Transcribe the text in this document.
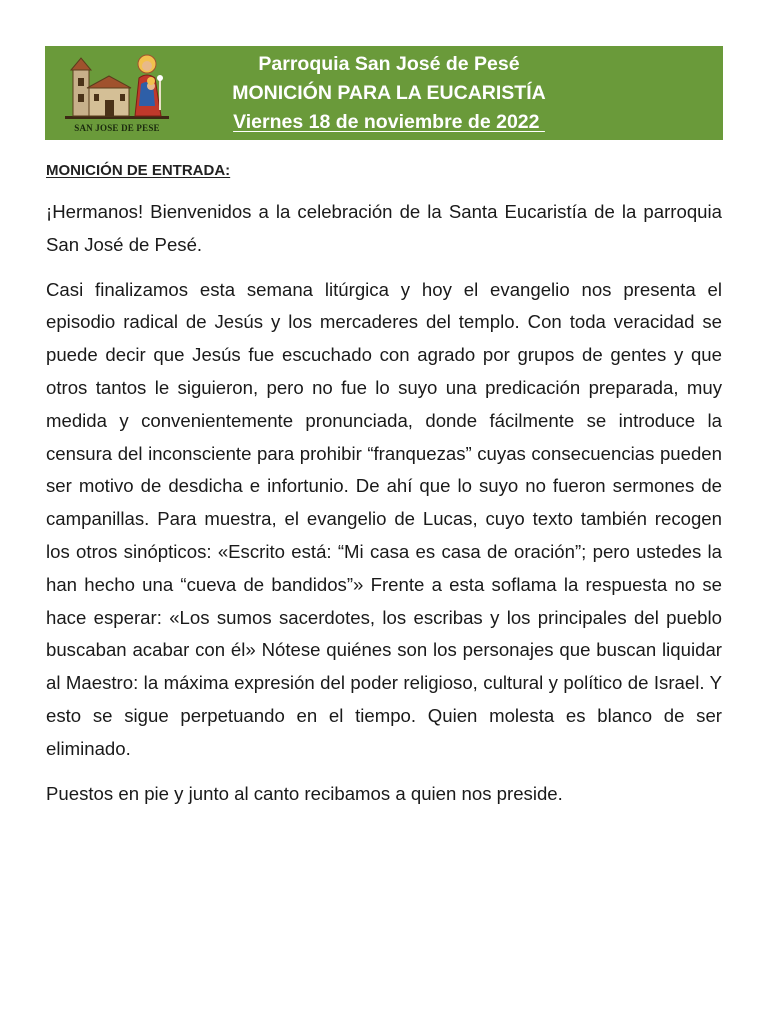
SAN JOSE DE PESE
Parroquia San José de Pesé
MONICIÓN PARA LA EUCARISTÍA
Viernes 18 de noviembre de 2022
MONICIÓN DE ENTRADA:

¡Hermanos! Bienvenidos a la celebración de la Santa Eucaristía de la parroquia San José de Pesé.

Casi finalizamos esta semana litúrgica y hoy el evangelio nos presenta el episodio radical de Jesús y los mercaderes del templo. Con toda veracidad se puede decir que Jesús fue escuchado con agrado por grupos de gentes y que otros tantos le siguieron, pero no fue lo suyo una predicación preparada, muy medida y convenientemente pronunciada, donde fácilmente se introduce la censura del inconsciente para prohibir “franquezas” cuyas consecuencias pueden ser motivo de desdicha e infortunio. De ahí que lo suyo no fueron sermones de campanillas. Para muestra, el evangelio de Lucas, cuyo texto también recogen los otros sinópticos: «Escrito está: “Mi casa es casa de oración”; pero ustedes la han hecho una “cueva de bandidos”» Frente a esta soflama la respuesta no se hace esperar: «Los sumos sacerdotes, los escribas y los principales del pueblo buscaban acabar con él» Nótese quiénes son los personajes que buscan liquidar al Maestro: la máxima expresión del poder religioso, cultural y político de Israel. Y esto se sigue perpetuando en el tiempo. Quien molesta es blanco de ser eliminado.

Puestos en pie y junto al canto recibamos a quien nos preside.
